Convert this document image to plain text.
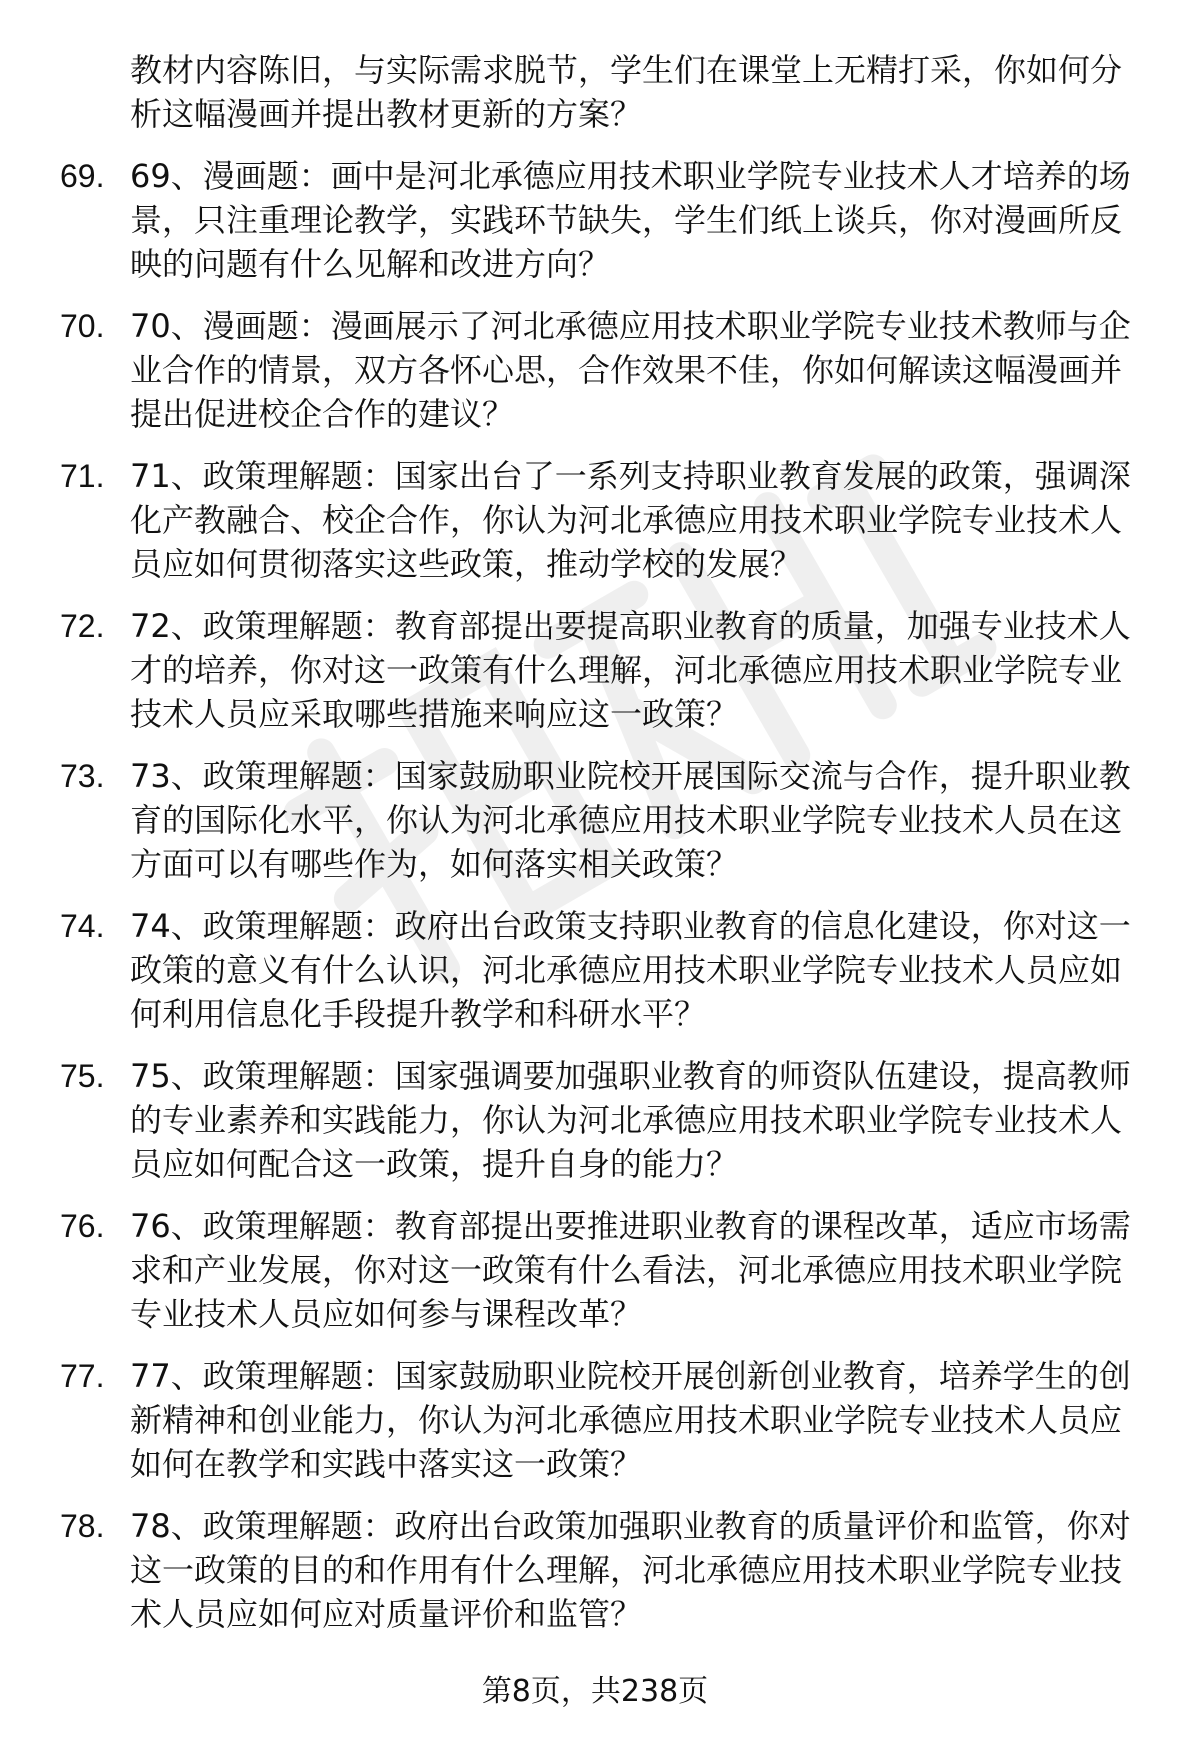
教材内容陈旧，与实际需求脱节，学生们在课堂上无精打采，你如何分析这幅漫画并提出教材更新的方案？

69. 69、漫画题：画中是河北承德应用技术职业学院专业技术人才培养的场景，只注重理论教学，实践环节缺失，学生们纸上谈兵，你对漫画所反映的问题有什么见解和改进方向？
70. 70、漫画题：漫画展示了河北承德应用技术职业学院专业技术教师与企业合作的情景，双方各怀心思，合作效果不佳，你如何解读这幅漫画并提出促进校企合作的建议？
71. 71、政策理解题：国家出台了一系列支持职业教育发展的政策，强调深化产教融合、校企合作，你认为河北承德应用技术职业学院专业技术人员应如何贯彻落实这些政策，推动学校的发展？
72. 72、政策理解题：教育部提出要提高职业教育的质量，加强专业技术人才的培养，你对这一政策有什么理解，河北承德应用技术职业学院专业技术人员应采取哪些措施来响应这一政策？
73. 73、政策理解题：国家鼓励职业院校开展国际交流与合作，提升职业教育的国际化水平，你认为河北承德应用技术职业学院专业技术人员在这方面可以有哪些作为，如何落实相关政策？
74. 74、政策理解题：政府出台政策支持职业教育的信息化建设，你对这一政策的意义有什么认识，河北承德应用技术职业学院专业技术人员应如何利用信息化手段提升教学和科研水平？
75. 75、政策理解题：国家强调要加强职业教育的师资队伍建设，提高教师的专业素养和实践能力，你认为河北承德应用技术职业学院专业技术人员应如何配合这一政策，提升自身的能力？
76. 76、政策理解题：教育部提出要推进职业教育的课程改革，适应市场需求和产业发展，你对这一政策有什么看法，河北承德应用技术职业学院专业技术人员应如何参与课程改革？
77. 77、政策理解题：国家鼓励职业院校开展创新创业教育，培养学生的创新精神和创业能力，你认为河北承德应用技术职业学院专业技术人员应如何在教学和实践中落实这一政策？
78. 78、政策理解题：政府出台政策加强职业教育的质量评价和监管，你对这一政策的目的和作用有什么理解，河北承德应用技术职业学院专业技术人员应如何应对质量评价和监管？
第8页，共238页
